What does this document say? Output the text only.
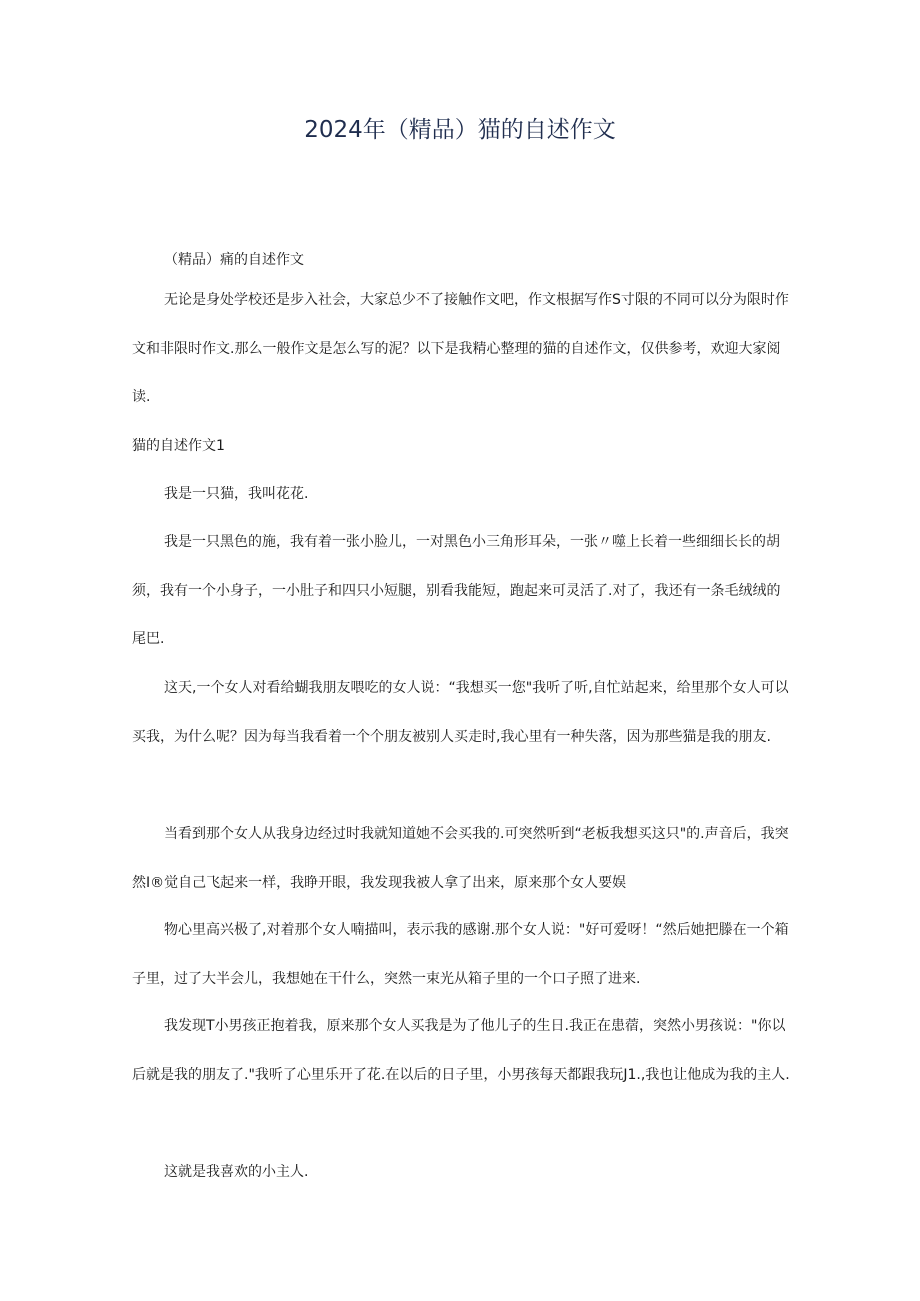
2024年（精品）猫的自述作文

（精品）痛的自述作文

无论是身处学校还是步入社会，大家总少不了接触作文吧，作文根据写作S寸限的不同可以分为限时作文和非限时作文.那么一般作文是怎么写的泥？以下是我精心整理的猫的自述作文，仅供参考，欢迎大家阅读.

猫的自述作文1

我是一只猫，我叫花花.

我是一只黑色的施，我有着一张小脸儿，一对黑色小三角形耳朵，一张〃噬上长着一些细细长长的胡须，我有一个小身子，一小肚子和四只小短腿，别看我能短，跑起来可灵活了.对了，我还有一条毛绒绒的尾巴.

这天,一个女人对看给蝴我朋友喂吃的女人说：“我想买一您"我听了听,自忙站起来，给里那个女人可以买我，为什么呢？因为每当我看着一个个朋友被别人买走时,我心里有一种失落，因为那些猫是我的朋友.

当看到那个女人从我身边经过时我就知道她不会买我的.可突然听到“老板我想买这只"的.声音后，我突然I®觉自己飞起来一样，我睁开眼，我发现我被人拿了出来，原来那个女人要娱

物心里高兴极了,对着那个女人喃描叫，表示我的感谢.那个女人说："好可爱呀！“然后她把滕在一个箱子里，过了大半会儿，我想她在干什么，突然一束光从箱子里的一个口子照了进来.

我发现T小男孩正抱着我，原来那个女人买我是为了他儿子的生日.我正在患蓿，突然小男孩说："你以后就是我的朋友了."我听了心里乐开了花.在以后的日子里，小男孩每天都跟我玩J1.,我也让他成为我的主人.

这就是我喜欢的小主人.
